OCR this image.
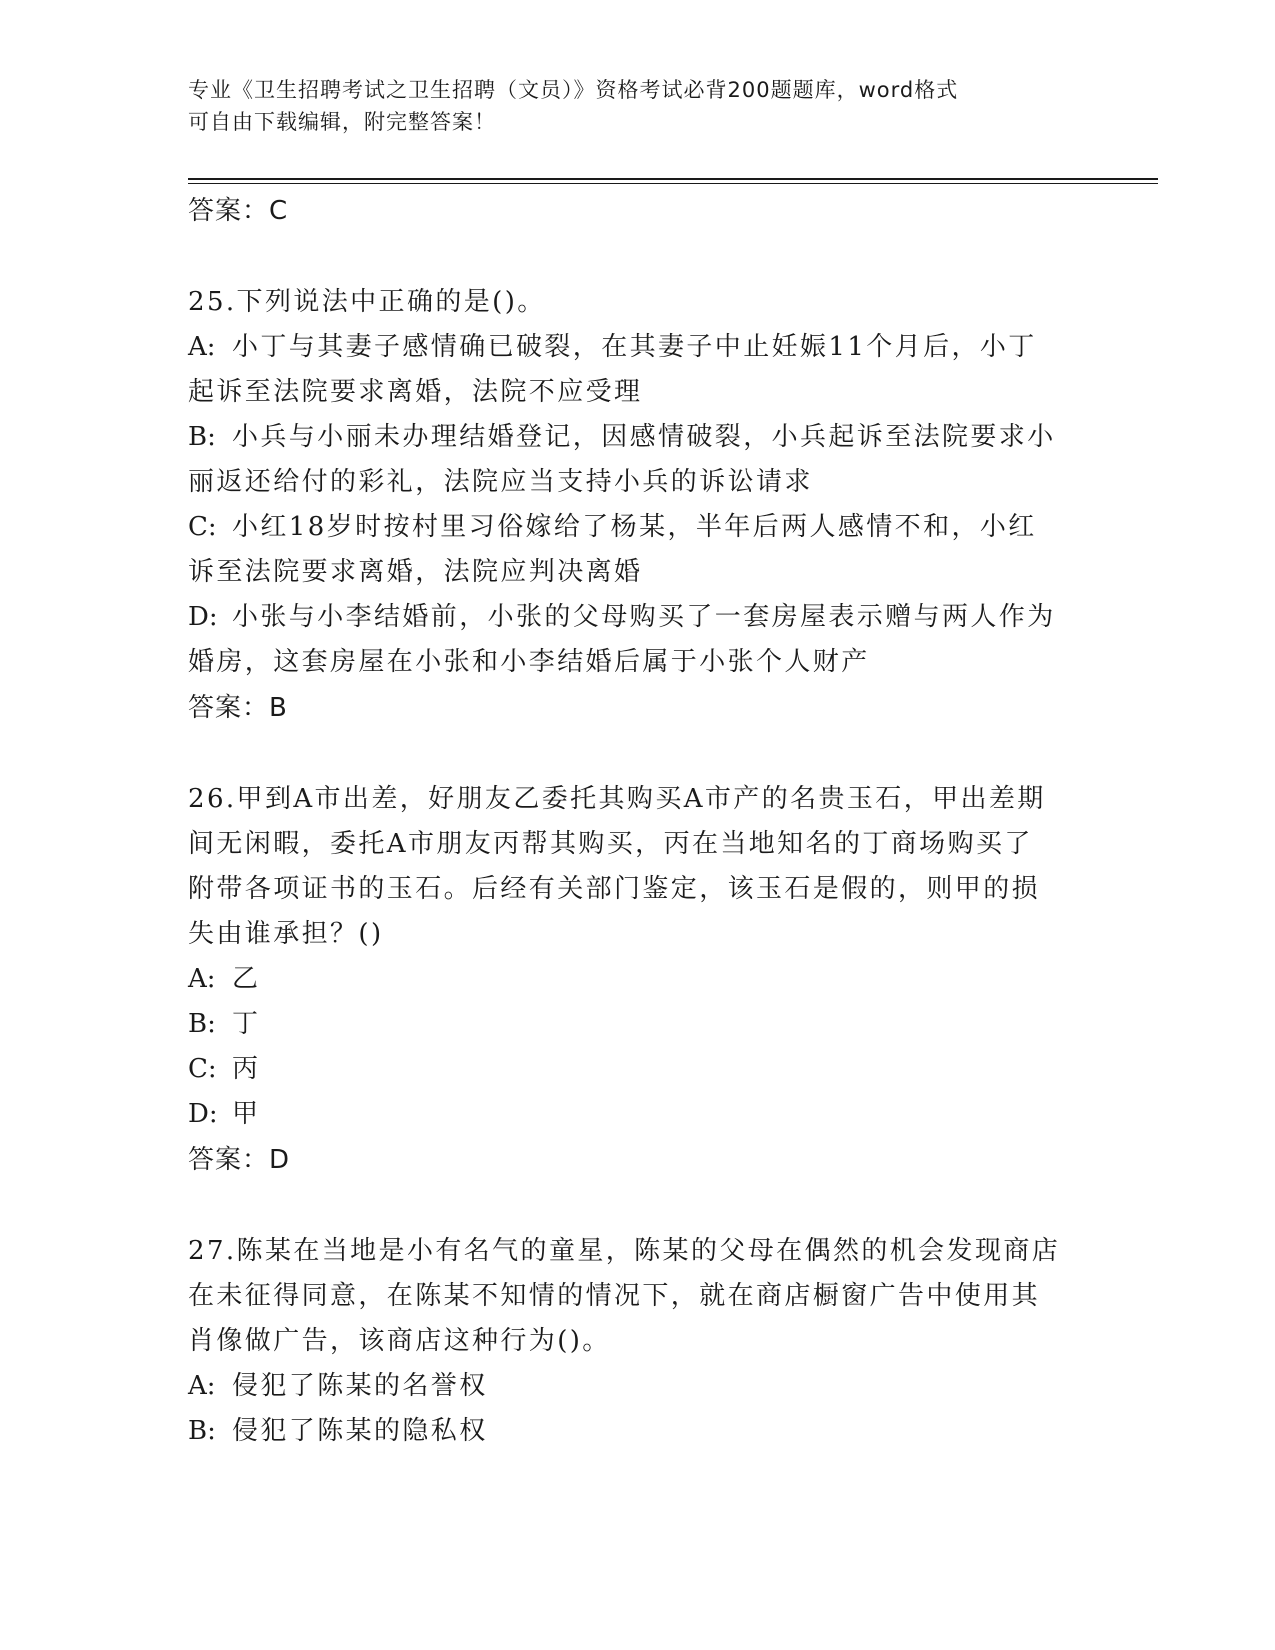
专业《卫生招聘考试之卫生招聘（文员）》资格考试必背200题题库，word格式
可自由下载编辑，附完整答案！
答案：C
25.下列说法中正确的是()。
A: 小丁与其妻子感情确已破裂，在其妻子中止妊娠11个月后，小丁
起诉至法院要求离婚，法院不应受理
B: 小兵与小丽未办理结婚登记，因感情破裂，小兵起诉至法院要求小
丽返还给付的彩礼，法院应当支持小兵的诉讼请求
C: 小红18岁时按村里习俗嫁给了杨某，半年后两人感情不和，小红
诉至法院要求离婚，法院应判决离婚
D: 小张与小李结婚前，小张的父母购买了一套房屋表示赠与两人作为
婚房，这套房屋在小张和小李结婚后属于小张个人财产
答案：B
26.甲到A市出差，好朋友乙委托其购买A市产的名贵玉石，甲出差期
间无闲暇，委托A市朋友丙帮其购买，丙在当地知名的丁商场购买了
附带各项证书的玉石。后经有关部门鉴定，该玉石是假的，则甲的损
失由谁承担？()
A: 乙
B: 丁
C: 丙
D: 甲
答案：D
27.陈某在当地是小有名气的童星，陈某的父母在偶然的机会发现商店
在未征得同意，在陈某不知情的情况下，就在商店橱窗广告中使用其
肖像做广告，该商店这种行为()。
A: 侵犯了陈某的名誉权
B: 侵犯了陈某的隐私权
